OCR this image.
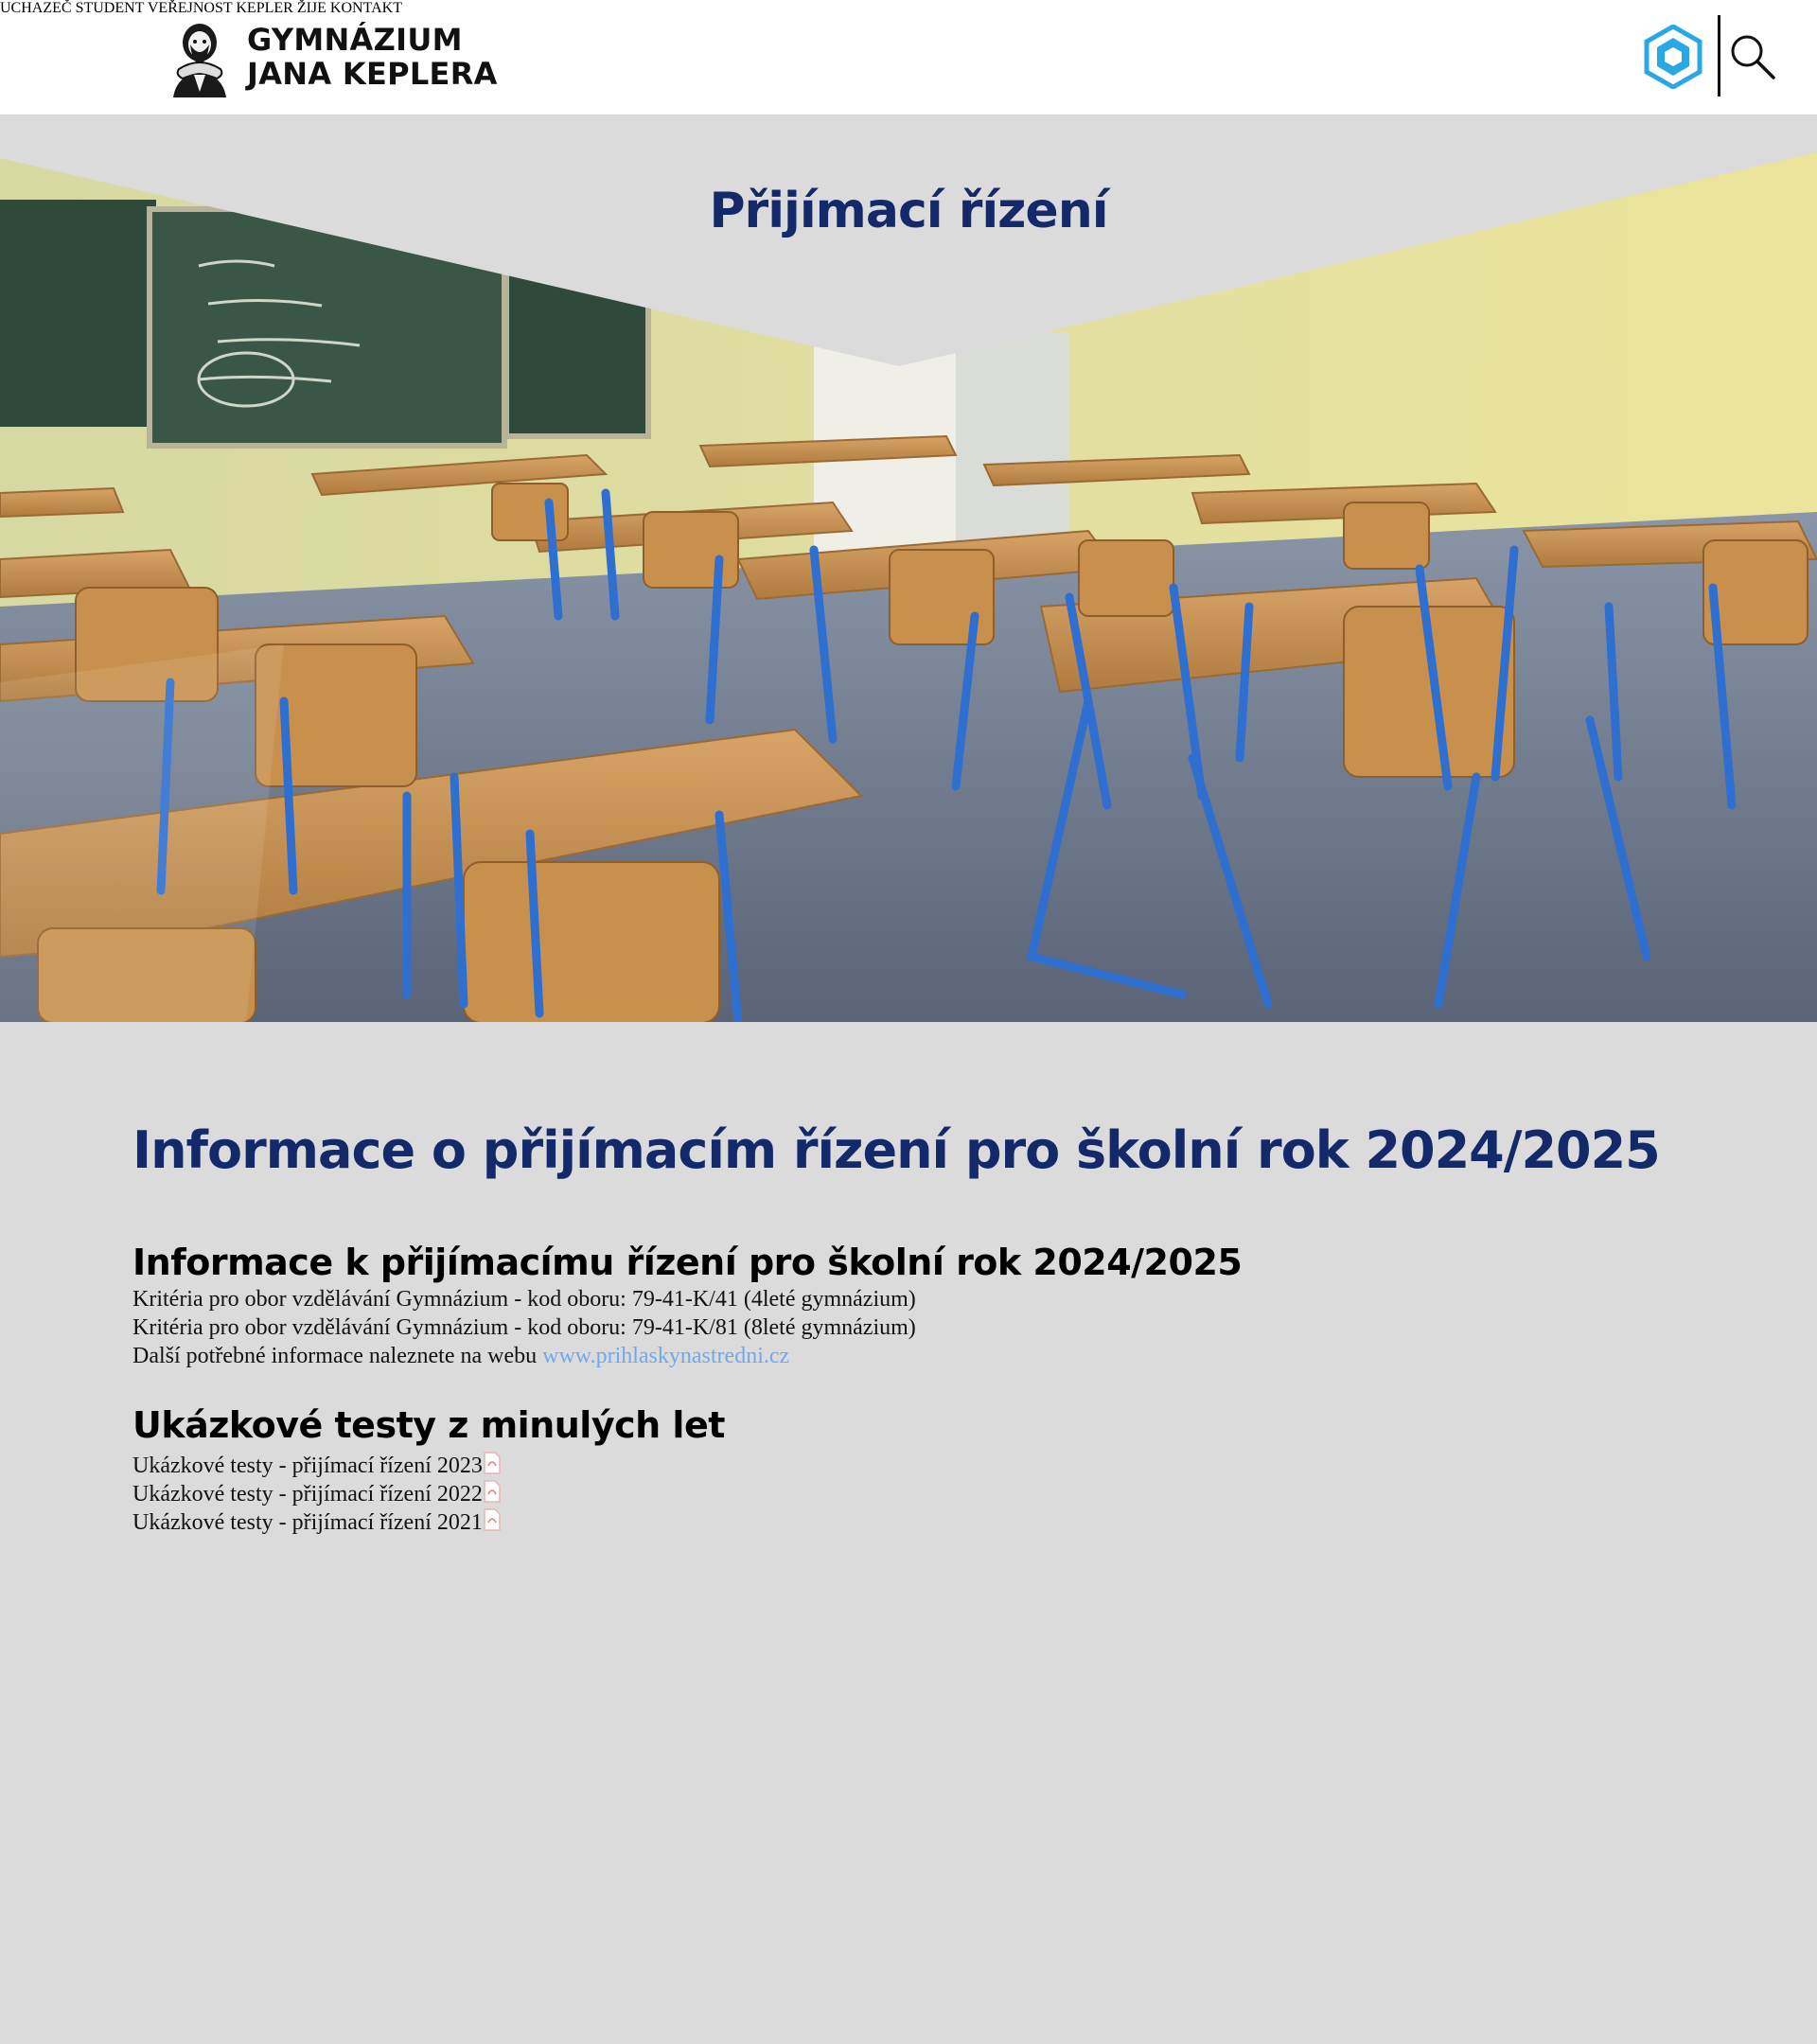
GYMNÁZIUM
JANA KEPLERA
UCHAZEČ STUDENT VEŘEJNOST KEPLER ŽIJE KONTAKT
Přijímací řízení
Informace o přijímacím řízení pro školní rok 2024/2025
Informace k přijímacímu řízení pro školní rok 2024/2025

Kritéria pro obor vzdělávání Gymnázium - kod oboru: 79-41-K/41 (4leté gymnázium)

Kritéria pro obor vzdělávání Gymnázium - kod oboru: 79-41-K/81 (8leté gymnázium)

Další potřebné informace naleznete na webu www.prihlaskynastredni.cz

Ukázkové testy z minulých let

Ukázkové testy - přijímací řízení 2023

Ukázkové testy - přijímací řízení 2022

Ukázkové testy - přijímací řízení 2021
